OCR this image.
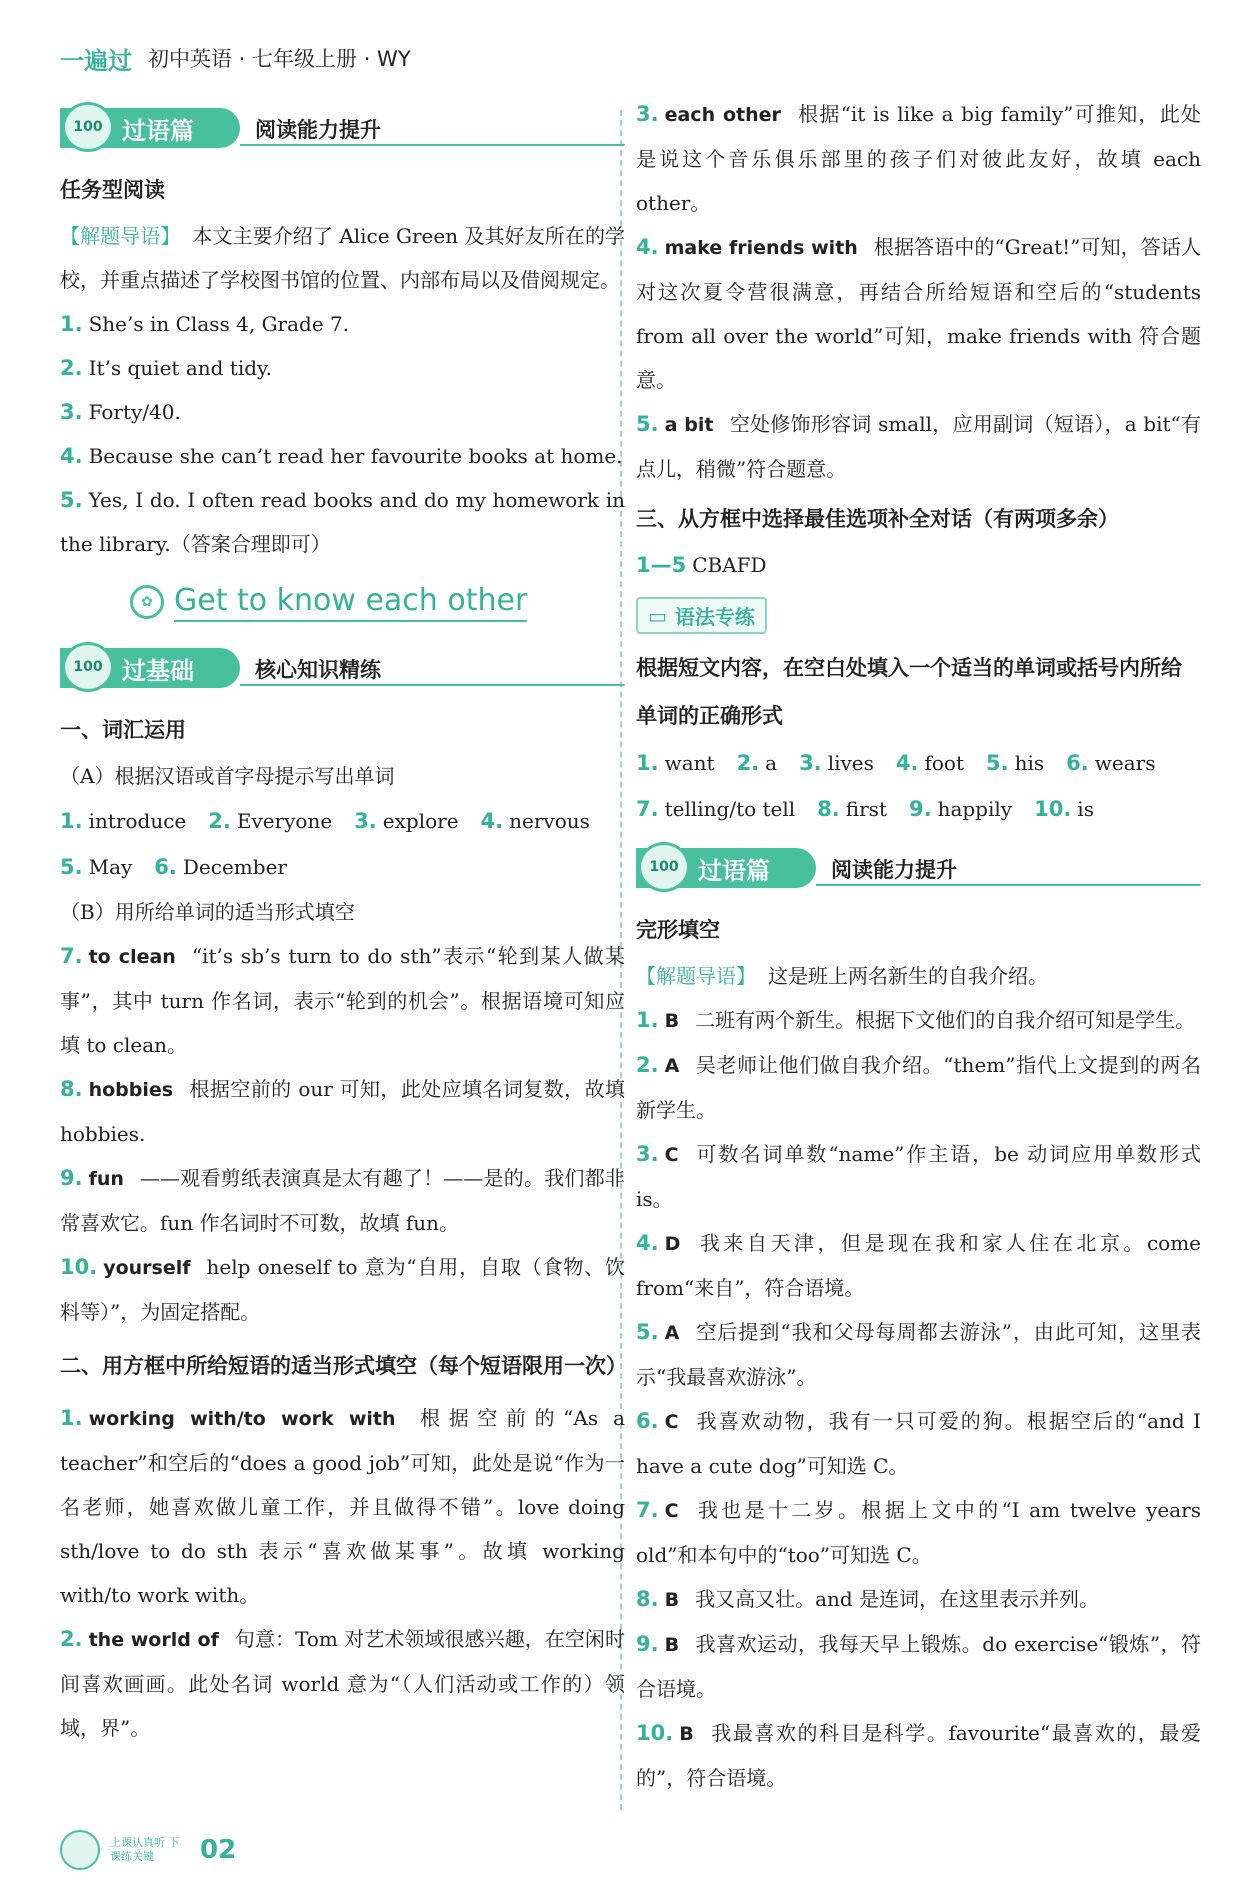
一遍过 初中英语 · 七年级上册 · WY
过语篇
100	阅读能力提升
任务型阅读

【解题导语】 本文主要介绍了 Alice Green 及其好友所在的学校，并重点描述了学校图书馆的位置、内部布局以及借阅规定。

1. She’s in Class 4, Grade 7.

2. It’s quiet and tidy.

3. Forty/40.

4. Because she can’t read her favourite books at home.

5. Yes, I do. I often read books and do my homework in the library.（答案合理即可）

✿ Get to know each other
过基础
100	核心知识精练
一、词汇运用

（A）根据汉语或首字母提示写出单词

1. introduce 2. Everyone 3. explore 4. nervous
5. May 6. December

（B）用所给单词的适当形式填空

7. to clean “it’s sb’s turn to do sth”表示“轮到某人做某事”，其中 turn 作名词，表示“轮到的机会”。根据语境可知应填 to clean。

8. hobbies 根据空前的 our 可知，此处应填名词复数，故填 hobbies.

9. fun ——观看剪纸表演真是太有趣了！——是的。我们都非常喜欢它。fun 作名词时不可数，故填 fun。

10. yourself help oneself to 意为“自用，自取（食物、饮料等）”，为固定搭配。

二、用方框中所给短语的适当形式填空（每个短语限用一次）

1. working with/to work with 根据空前的“As a teacher”和空后的“does a good job”可知，此处是说“作为一名老师，她喜欢做儿童工作，并且做得不错”。love doing sth/love to do sth 表示“喜欢做某事”。故填 working with/to work with。

2. the world of 句意：Tom 对艺术领域很感兴趣，在空闲时间喜欢画画。此处名词 world 意为“（人们活动或工作的）领域，界”。

3. each other 根据“it is like a big family”可推知，此处是说这个音乐俱乐部里的孩子们对彼此友好，故填 each other。

4. make friends with 根据答语中的“Great!”可知，答话人对这次夏令营很满意，再结合所给短语和空后的“students from all over the world”可知，make friends with 符合题意。

5. a bit 空处修饰形容词 small，应用副词（短语），a bit“有点儿，稍微”符合题意。

三、从方框中选择最佳选项补全对话（有两项多余）

1—5 CBAFD

▭ 语法专练

根据短文内容，在空白处填入一个适当的单词或括号内所给单词的正确形式

1. want 2. a 3. lives 4. foot 5. his 6. wears
7. telling/to tell 8. first 9. happily 10. is
过语篇
100	阅读能力提升
完形填空

【解题导语】 这是班上两名新生的自我介绍。

1. B 二班有两个新生。根据下文他们的自我介绍可知是学生。

2. A 吴老师让他们做自我介绍。“them”指代上文提到的两名新学生。

3. C 可数名词单数“name”作主语，be 动词应用单数形式 is。

4. D 我来自天津，但是现在我和家人住在北京。come from“来自”，符合语境。

5. A 空后提到“我和父母每周都去游泳”，由此可知，这里表示“我最喜欢游泳”。

6. C 我喜欢动物，我有一只可爱的狗。根据空后的“and I have a cute dog”可知选 C。

7. C 我也是十二岁。根据上文中的“I am twelve years old”和本句中的“too”可知选 C。

8. B 我又高又壮。and 是连词，在这里表示并列。

9. B 我喜欢运动，我每天早上锻炼。do exercise“锻炼”，符合语境。

10. B 我最喜欢的科目是科学。favourite“最喜欢的，最爱的”，符合语境。

上课认真听 下课练关键	02
